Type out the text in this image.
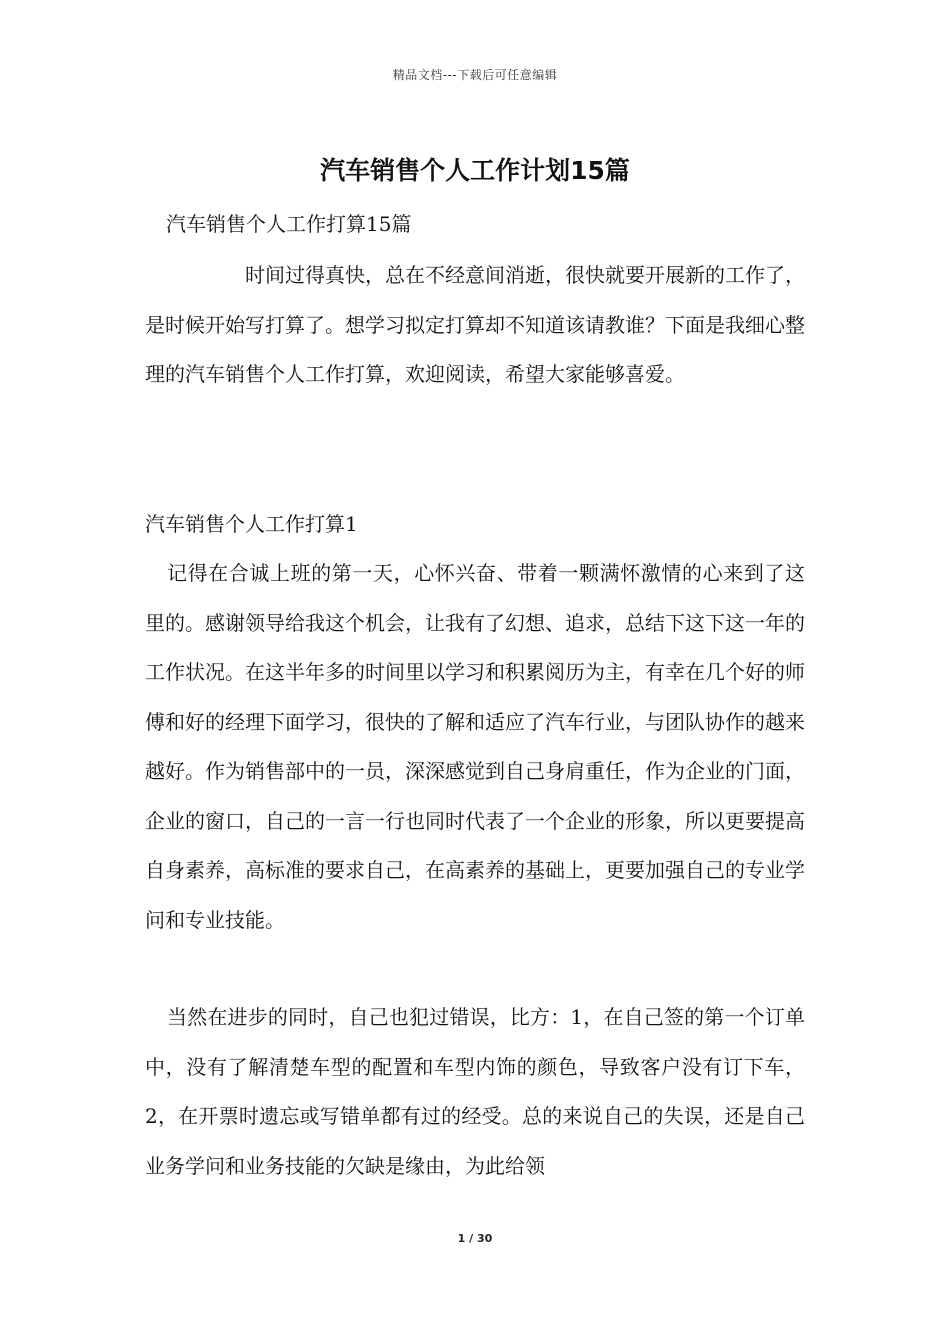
精品文档---下载后可任意编辑
汽车销售个人工作计划15篇
汽车销售个人工作打算15篇

时间过得真快，总在不经意间消逝，很快就要开展新的工作了，是时候开始写打算了。想学习拟定打算却不知道该请教谁？下面是我细心整理的汽车销售个人工作打算，欢迎阅读，希望大家能够喜爱。

汽车销售个人工作打算1

记得在合诚上班的第一天，心怀兴奋、带着一颗满怀激情的心来到了这里的。感谢领导给我这个机会，让我有了幻想、追求，总结下这下这一年的工作状况。在这半年多的时间里以学习和积累阅历为主，有幸在几个好的师傅和好的经理下面学习，很快的了解和适应了汽车行业，与团队协作的越来越好。作为销售部中的一员，深深感觉到自己身肩重任，作为企业的门面，企业的窗口，自己的一言一行也同时代表了一个企业的形象，所以更要提高自身素养，高标准的要求自己，在高素养的基础上，更要加强自己的专业学问和专业技能。

当然在进步的同时，自己也犯过错误，比方：1，在自己签的第一个订单中，没有了解清楚车型的配置和车型内饰的颜色，导致客户没有订下车，2，在开票时遗忘或写错单都有过的经受。总的来说自己的失误，还是自己业务学问和业务技能的欠缺是缘由，为此给领

1 / 30
